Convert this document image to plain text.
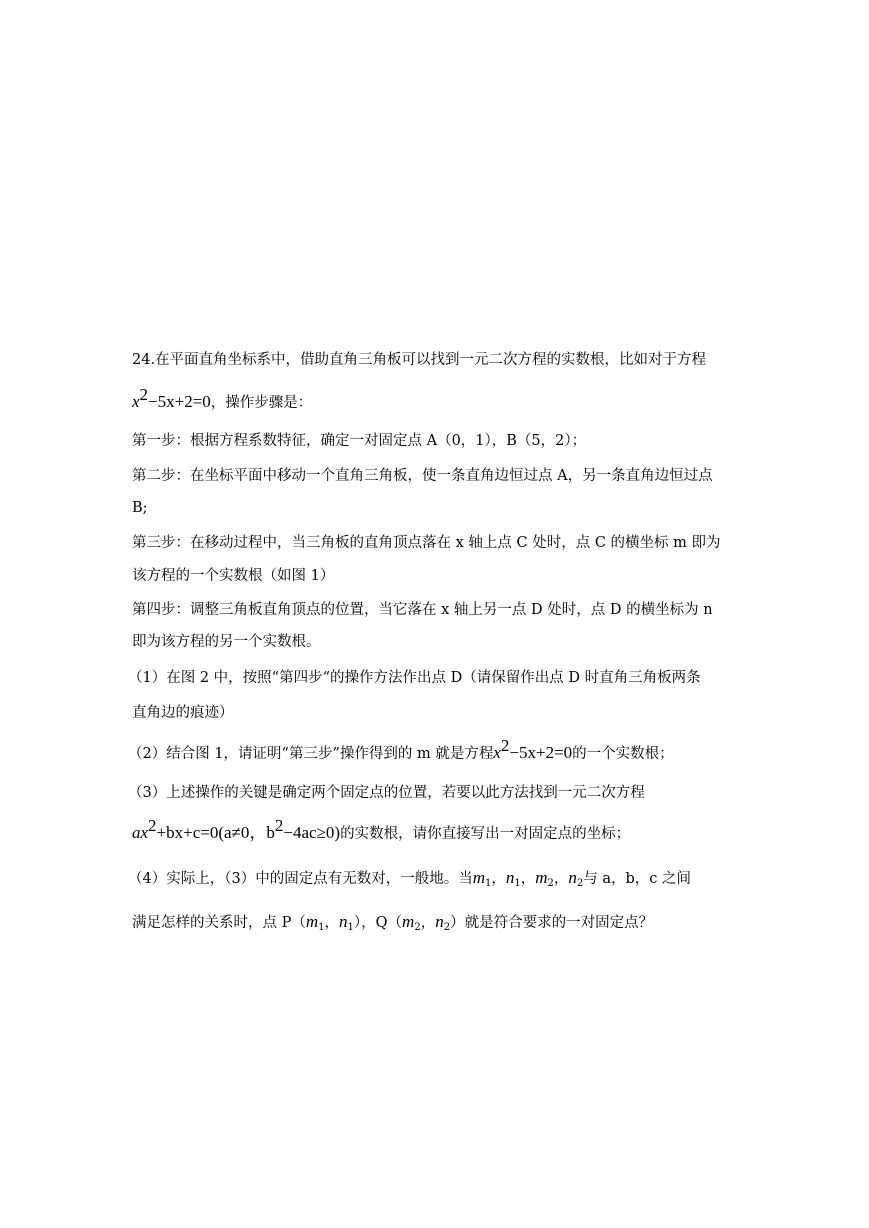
24.在平面直角坐标系中，借助直角三角板可以找到一元二次方程的实数根，比如对于方程
$x^2-5x+2=0$，操作步骤是：
第一步：根据方程系数特征，确定一对固定点 A（0，1），B（5，2）；
第二步：在坐标平面中移动一个直角三角板，使一条直角边恒过点 A，另一条直角边恒过点
B;
第三步：在移动过程中，当三角板的直角顶点落在 x 轴上点 C 处时，点 C 的横坐标 m 即为
该方程的一个实数根（如图 1）
第四步：调整三角板直角顶点的位置，当它落在 x 轴上另一点 D 处时，点 D 的横坐标为 n
即为该方程的另一个实数根。
（1）在图 2 中，按照“第四步“的操作方法作出点 D（请保留作出点 D 时直角三角板两条
直角边的痕迹）
（2）结合图 1，请证明“第三步”操作得到的 m 就是方程$x^2-5x+2=0$的一个实数根；
（3）上述操作的关键是确定两个固定点的位置，若要以此方法找到一元二次方程
$ax^2+bx+c=0(a\ne 0$，$b^2-4ac\ge 0$)的实数根，请你直接写出一对固定点的坐标；
（4）实际上，（3）中的固定点有无数对，一般地。当$m_1$，$n_1$，$m_2$，$n_2$与 a，b，c 之间
满足怎样的关系时，点 $P(m_1$，$n_1$），$Q(m_2$，$n_2$）就是符合要求的一对固定点？
